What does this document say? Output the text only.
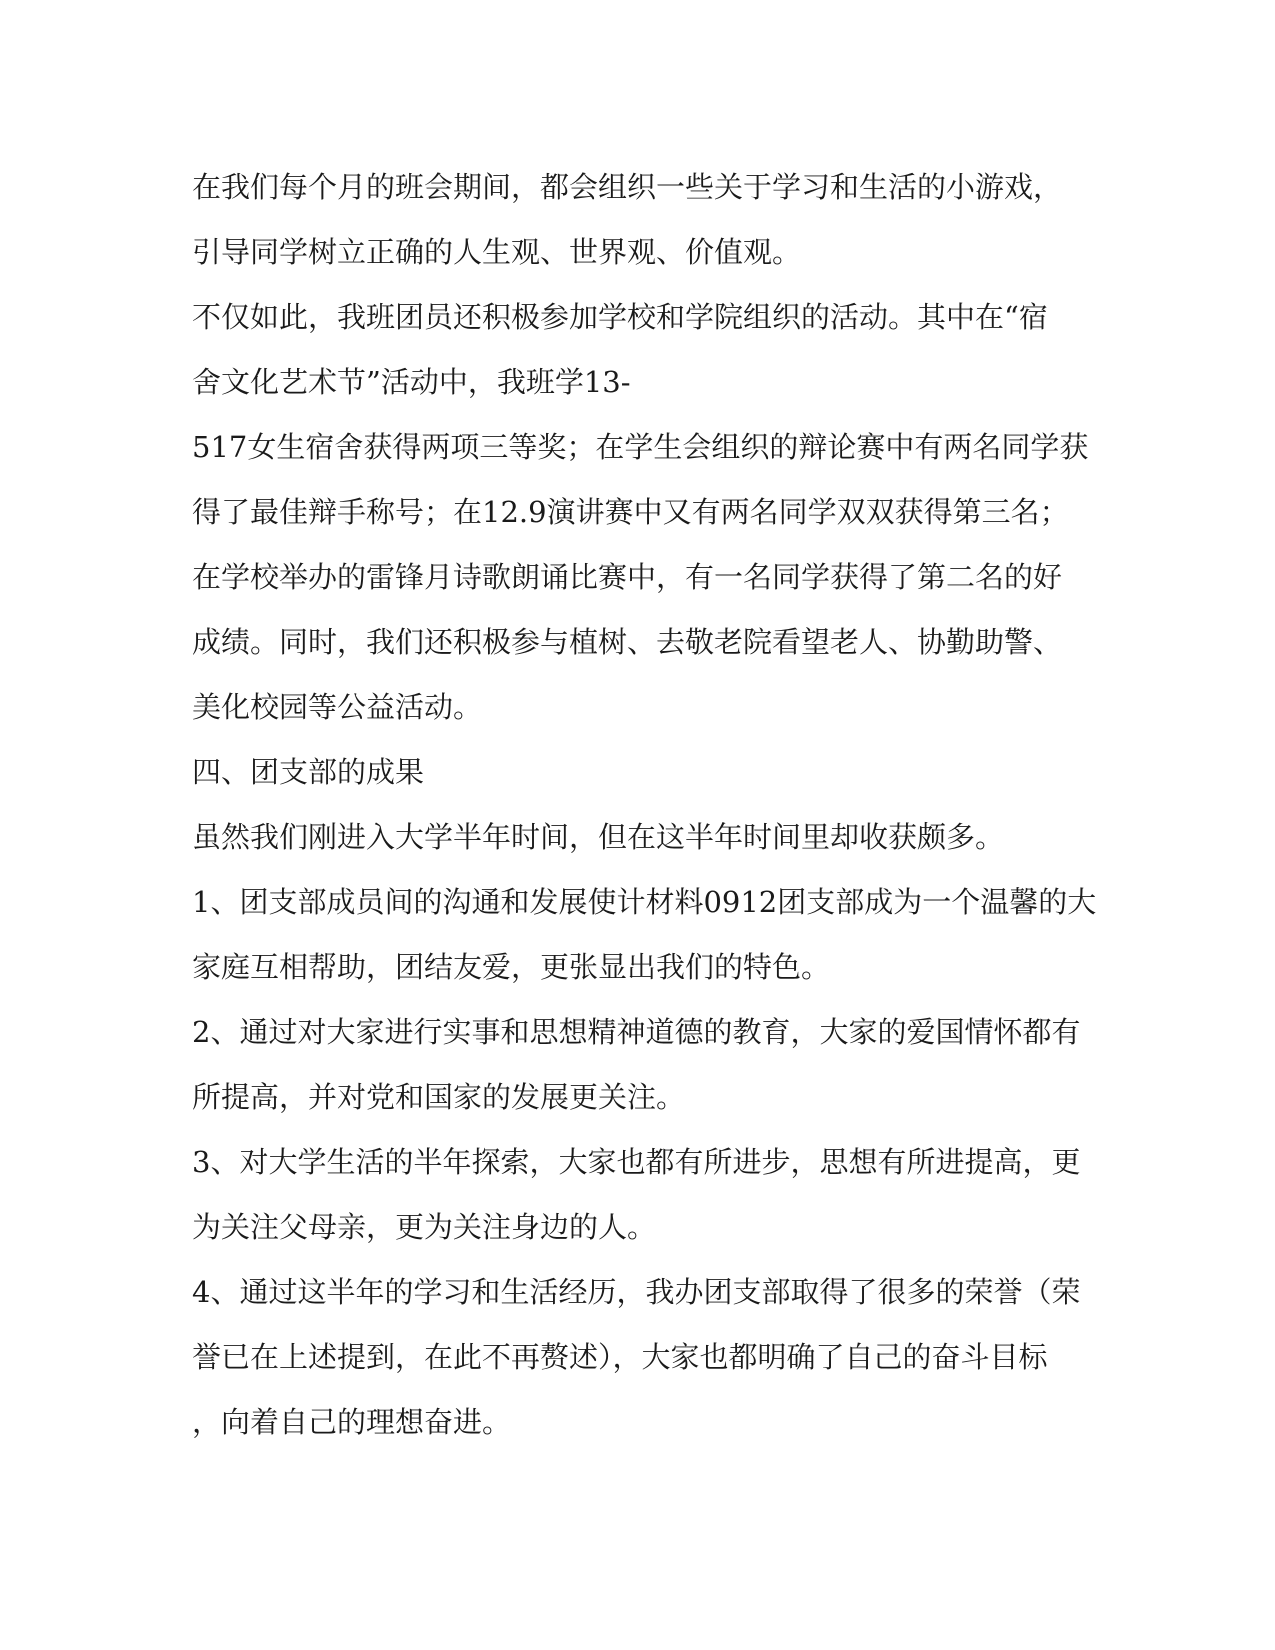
在我们每个月的班会期间，都会组织一些关于学习和生活的小游戏，
引导同学树立正确的人生观、世界观、价值观。
不仅如此，我班团员还积极参加学校和学院组织的活动。其中在“宿
舍文化艺术节”活动中，我班学13-
517女生宿舍获得两项三等奖；在学生会组织的辩论赛中有两名同学获
得了最佳辩手称号；在12.9演讲赛中又有两名同学双双获得第三名；
在学校举办的雷锋月诗歌朗诵比赛中，有一名同学获得了第二名的好
成绩。同时，我们还积极参与植树、去敬老院看望老人、协勤助警、
美化校园等公益活动。
四、团支部的成果
虽然我们刚进入大学半年时间，但在这半年时间里却收获颇多。
1、团支部成员间的沟通和发展使计材料0912团支部成为一个温馨的大
家庭互相帮助，团结友爱，更张显出我们的特色。
2、通过对大家进行实事和思想精神道德的教育，大家的爱国情怀都有
所提高，并对党和国家的发展更关注。
3、对大学生活的半年探索，大家也都有所进步，思想有所进提高，更
为关注父母亲，更为关注身边的人。
4、通过这半年的学习和生活经历，我办团支部取得了很多的荣誉（荣
誉已在上述提到，在此不再赘述），大家也都明确了自己的奋斗目标
，向着自己的理想奋进。
